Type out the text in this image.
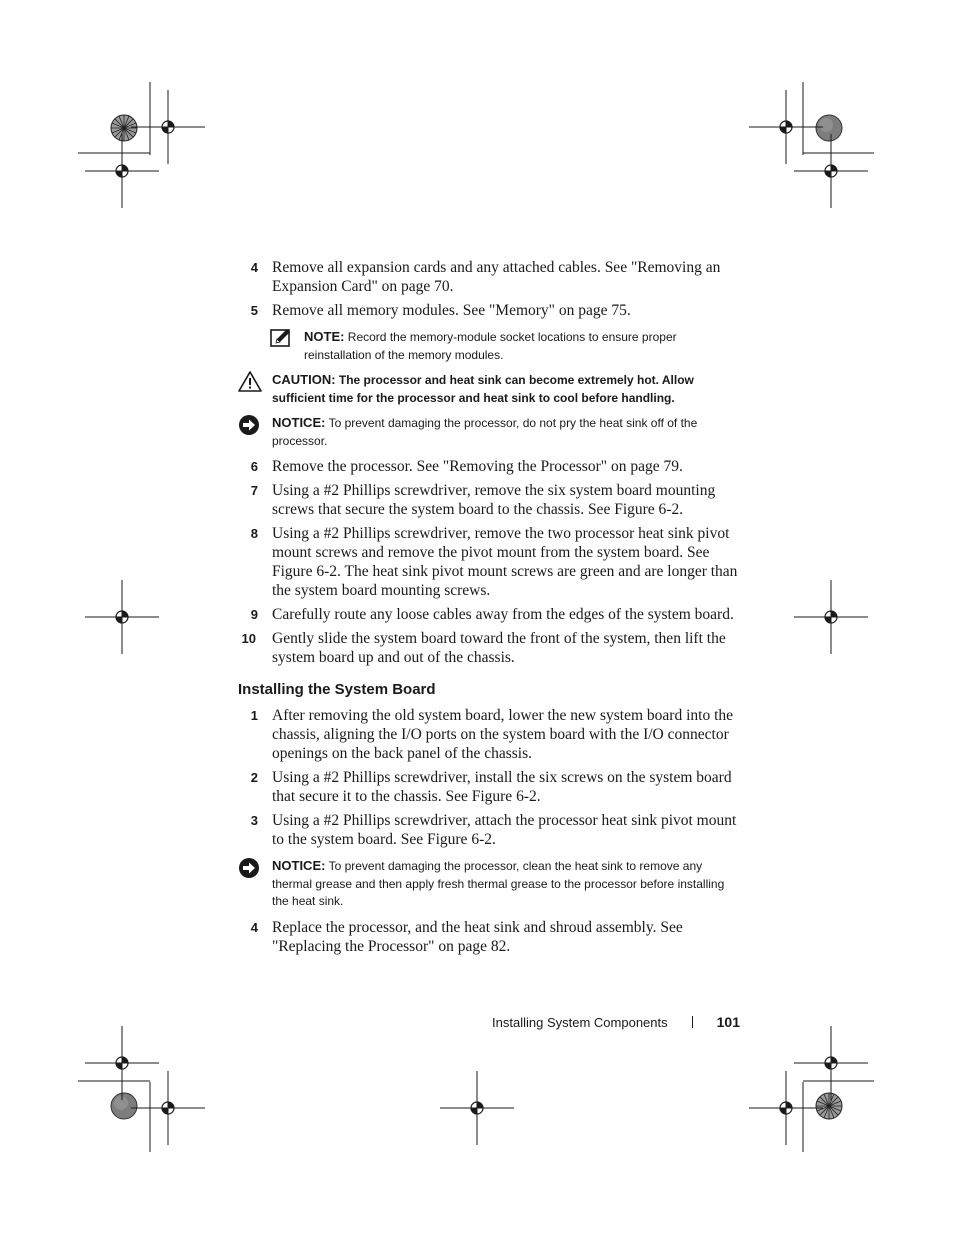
4 Remove all expansion cards and any attached cables. See "Removing an Expansion Card" on page 70.
5 Remove all memory modules. See "Memory" on page 75.
NOTE: Record the memory-module socket locations to ensure proper reinstallation of the memory modules.
CAUTION: The processor and heat sink can become extremely hot. Allow sufficient time for the processor and heat sink to cool before handling.
NOTICE: To prevent damaging the processor, do not pry the heat sink off of the processor.
6 Remove the processor. See "Removing the Processor" on page 79.
7 Using a #2 Phillips screwdriver, remove the six system board mounting screws that secure the system board to the chassis. See Figure 6-2.
8 Using a #2 Phillips screwdriver, remove the two processor heat sink pivot mount screws and remove the pivot mount from the system board. See Figure 6-2. The heat sink pivot mount screws are green and are longer than the system board mounting screws.
9 Carefully route any loose cables away from the edges of the system board.
10 Gently slide the system board toward the front of the system, then lift the system board up and out of the chassis.
Installing the System Board
1 After removing the old system board, lower the new system board into the chassis, aligning the I/O ports on the system board with the I/O connector openings on the back panel of the chassis.
2 Using a #2 Phillips screwdriver, install the six screws on the system board that secure it to the chassis. See Figure 6-2.
3 Using a #2 Phillips screwdriver, attach the processor heat sink pivot mount to the system board. See Figure 6-2.
NOTICE: To prevent damaging the processor, clean the heat sink to remove any thermal grease and then apply fresh thermal grease to the processor before installing the heat sink.
4 Replace the processor, and the heat sink and shroud assembly. See "Replacing the Processor" on page 82.
Installing System Components	101
